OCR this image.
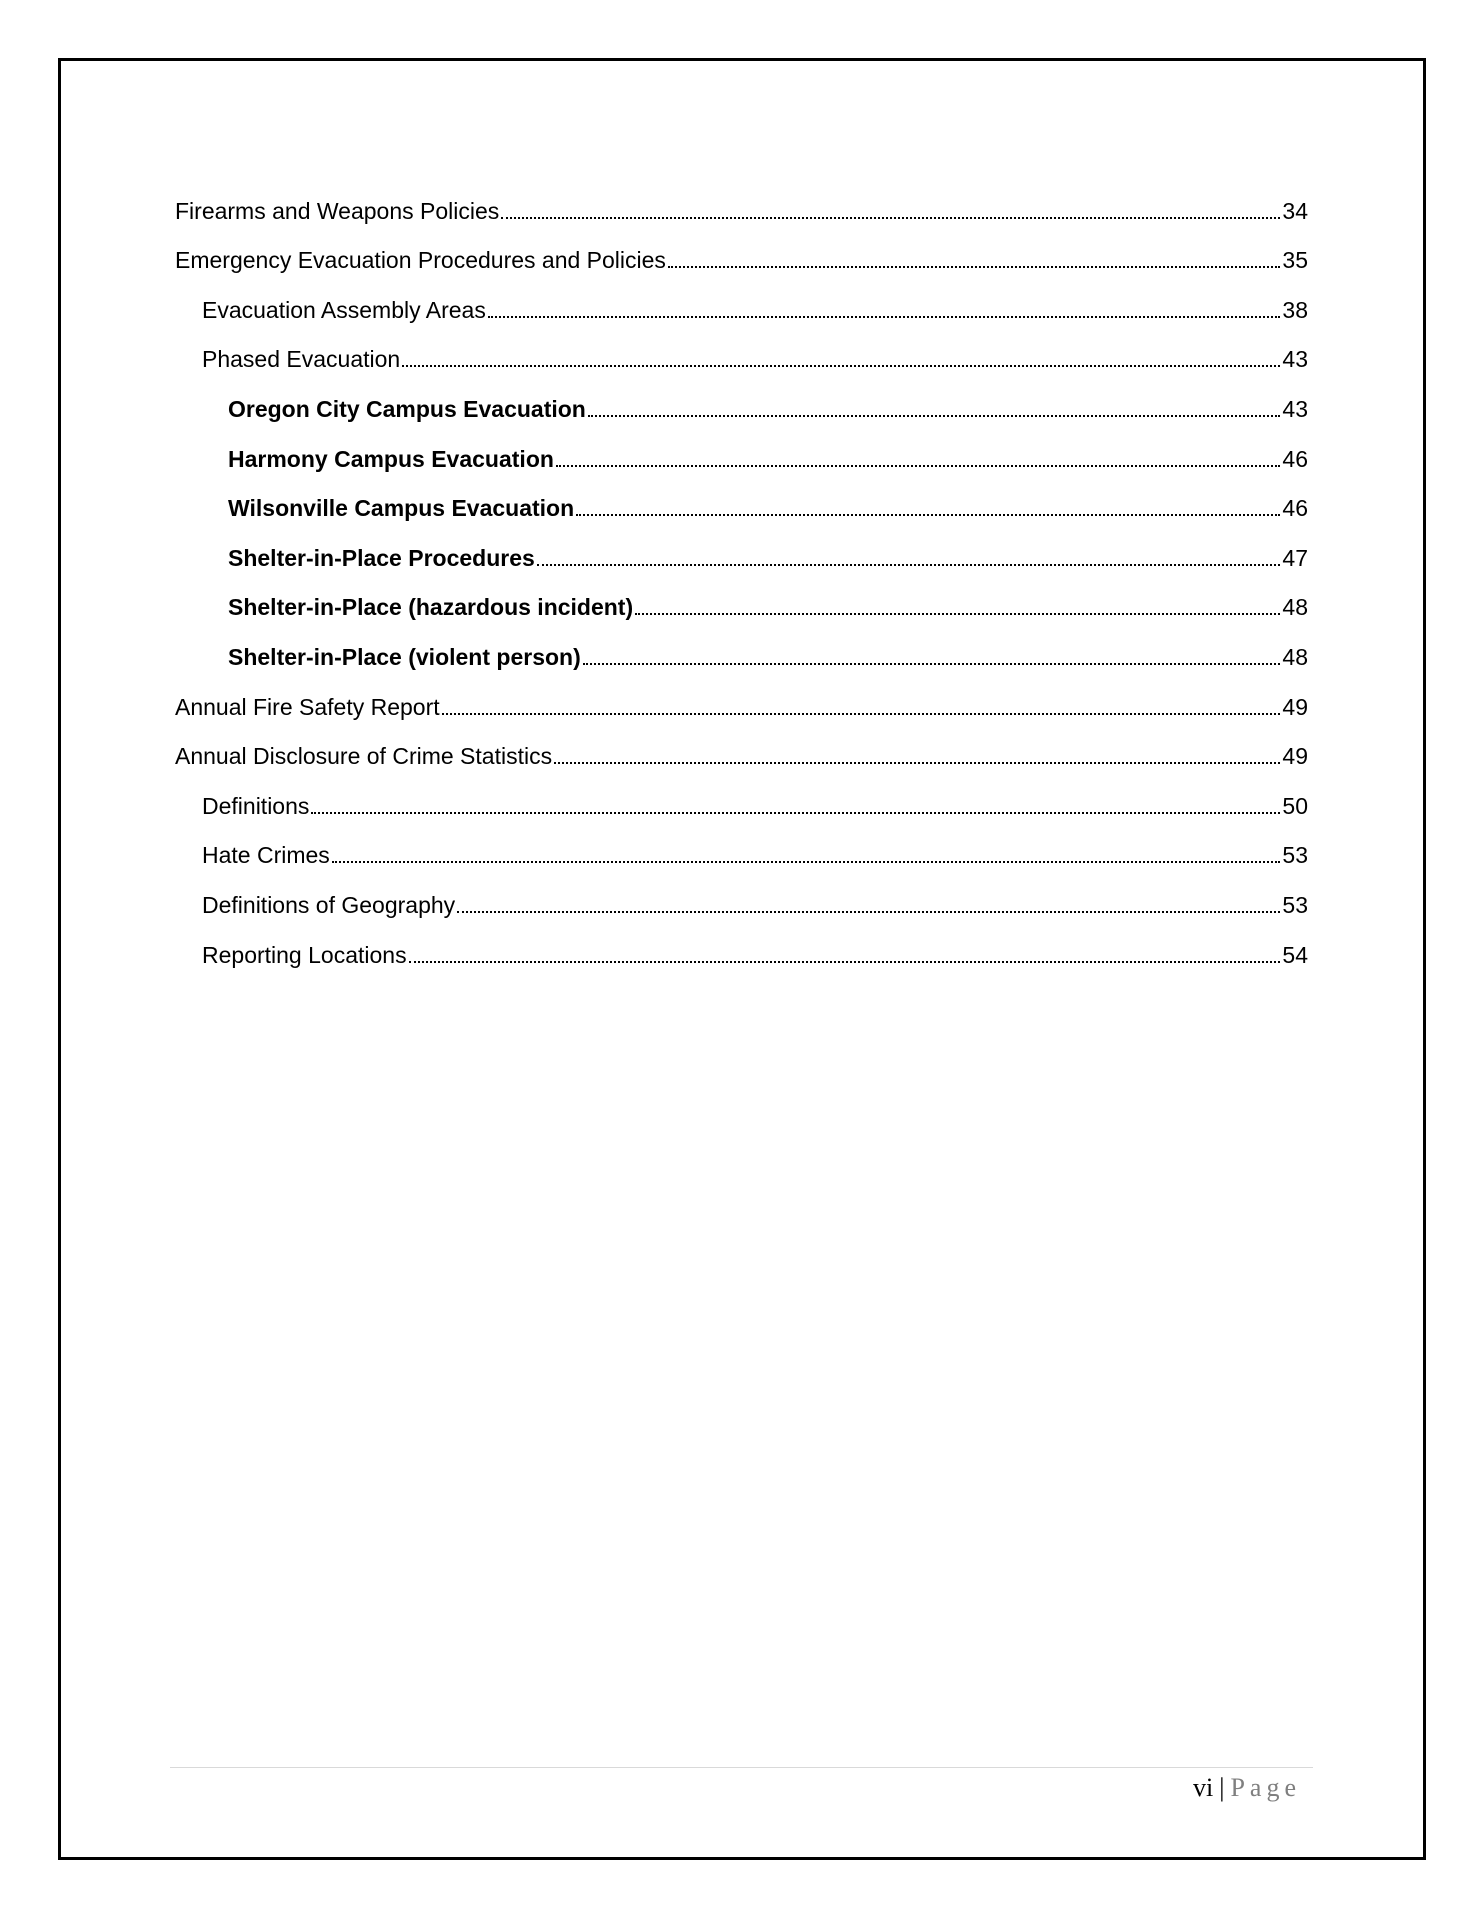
Firearms and Weapons Policies	34
Emergency Evacuation Procedures and Policies	35
Evacuation Assembly Areas	38
Phased Evacuation	43
Oregon City Campus Evacuation	43
Harmony Campus Evacuation	46
Wilsonville Campus Evacuation	46
Shelter-in-Place Procedures	47
Shelter-in-Place (hazardous incident)	48
Shelter-in-Place (violent person)	48
Annual Fire Safety Report	49
Annual Disclosure of Crime Statistics	49
Definitions	50
Hate Crimes	53
Definitions of Geography	53
Reporting Locations	54
vi | Page
